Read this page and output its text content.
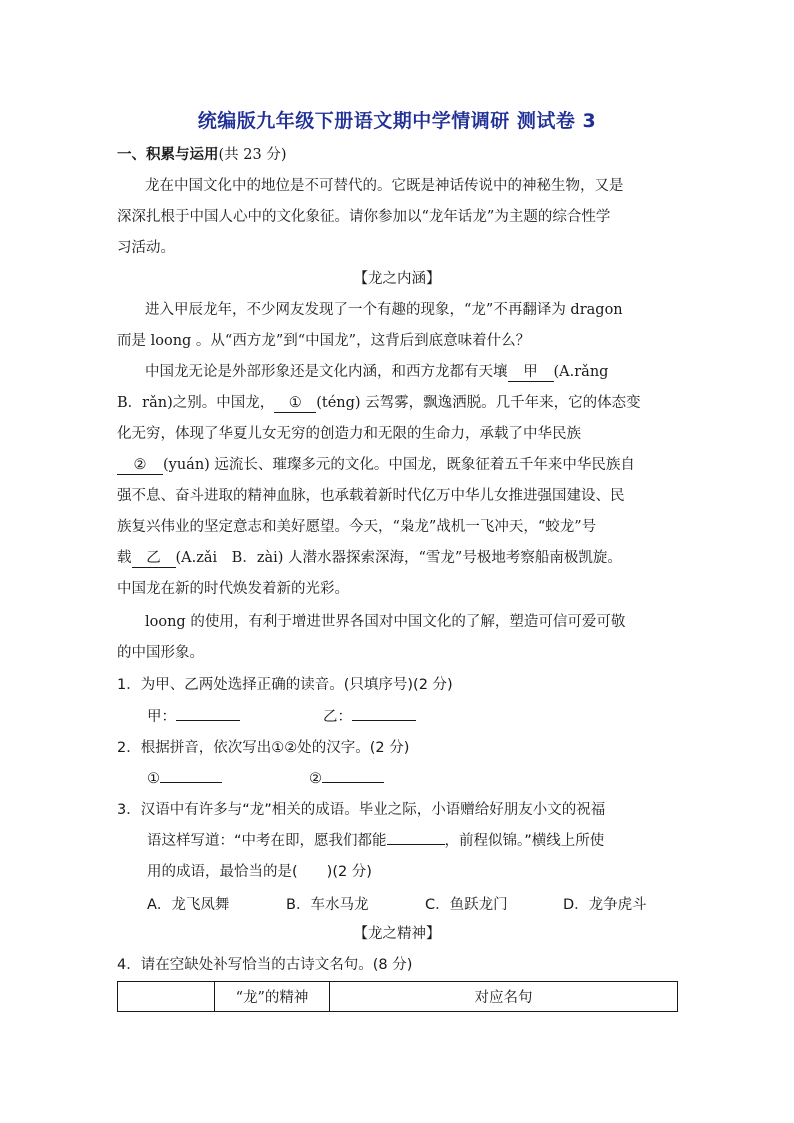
统编版九年级下册语文期中学情调研 测试卷 3
一、积累与运用(共 23 分)
龙在中国文化中的地位是不可替代的。它既是神话传说中的神秘生物，又是
深深扎根于中国人心中的文化象征。请你参加以“龙年话龙”为主题的综合性学
习活动。
【龙之内涵】
进入甲辰龙年，不少网友发现了一个有趣的现象，“龙”不再翻译为 dragon
而是 loong 。从“西方龙”到“中国龙”，这背后到底意味着什么？
中国龙无论是外部形象还是文化内涵，和西方龙都有天壤 甲 (A.rǎng
B．rǎn)之别。中国龙， ① (téng) 云驾雾，飘逸洒脱。几千年来，它的体态变
化无穷，体现了华夏儿女无穷的创造力和无限的生命力，承载了中华民族
② (yuán) 远流长、璀璨多元的文化。中国龙，既象征着五千年来中华民族自
强不息、奋斗进取的精神血脉，也承载着新时代亿万中华儿女推进强国建设、民
族复兴伟业的坚定意志和美好愿望。今天，“枭龙”战机一飞冲天，“蛟龙”号
载 乙 (A.zǎi　B．zài) 人潜水器探索深海，“雪龙”号极地考察船南极凯旋。
中国龙在新的时代焕发着新的光彩。
loong 的使用，有利于增进世界各国对中国文化的了解，塑造可信可爱可敬
的中国形象。
1．为甲、乙两处选择正确的读音。(只填序号)(2 分)
甲：	乙：
2．根据拼音，依次写出①②处的汉字。(2 分)
①	②
3．汉语中有许多与“龙”相关的成语。毕业之际，小语赠给好朋友小文的祝福
语这样写道：“中考在即，愿我们都能	，前程似锦。”横线上所使
用的成语，最恰当的是(　　)(2 分)
A．龙飞凤舞	B．车水马龙	C．鱼跃龙门	D．龙争虎斗
【龙之精神】
4．请在空缺处补写恰当的古诗文名句。(8 分)
	“龙”的精神	对应名句
